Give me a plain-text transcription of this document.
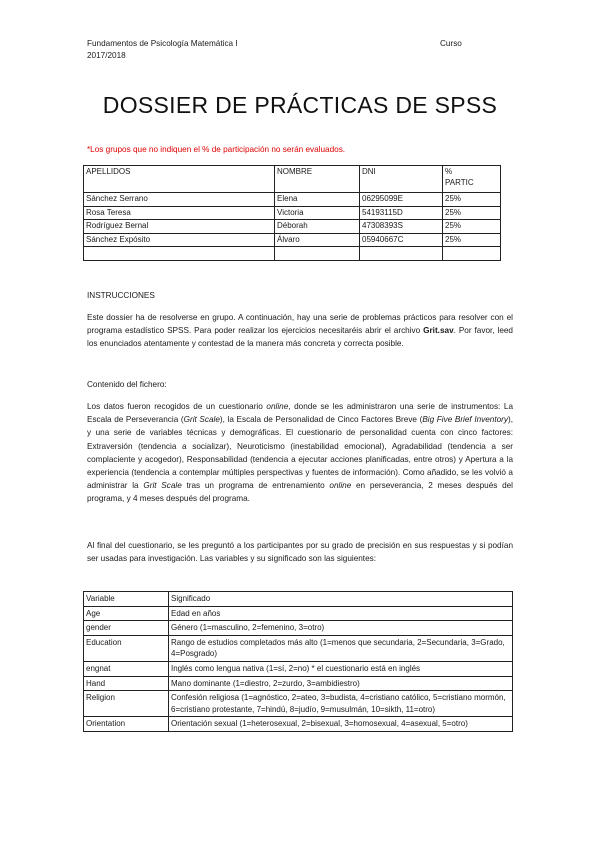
Fundamentos de Psicología Matemática I
2017/2018
Curso
DOSSIER DE PRÁCTICAS DE SPSS
*Los grupos que no indiquen el % de participación no serán evaluados.
APELLIDOS	NOMBRE	DNI	%
PARTIC

Sánchez Serrano	Elena	06295099E	25%
Rosa Teresa	Victoria	54193115D	25%
Rodríguez Bernal	Déborah	47308393S	25%
Sánchez Expósito	Álvaro	05940667C	25%

INSTRUCCIONES
Este dossier ha de resolverse en grupo. A continuación, hay una serie de problemas prácticos para resolver con el programa estadístico SPSS. Para poder realizar los ejercicios necesitaréis abrir el archivo Grit.sav. Por favor, leed los enunciados atentamente y contestad de la manera más concreta y correcta posible.
Contenido del fichero:
Los datos fueron recogidos de un cuestionario online, donde se les administraron una serie de instrumentos: La Escala de Perseverancia (Grit Scale), la Escala de Personalidad de Cinco Factores Breve (Big Five Brief Inventory), y una serie de variables técnicas y demográficas. El cuestionario de personalidad cuenta con cinco factores: Extraversión (tendencia a socializar), Neuroticismo (inestabilidad emocional), Agradabilidad (tendencia a ser complaciente y acogedor), Responsabilidad (tendencia a ejecutar acciones planificadas, entre otros) y Apertura a la experiencia (tendencia a contemplar múltiples perspectivas y fuentes de información). Como añadido, se les volvió a administrar la Grit Scale tras un programa de entrenamiento online en perseverancia, 2 meses después del programa, y 4 meses después del programa.
Al final del cuestionario, se les preguntó a los participantes por su grado de precisión en sus respuestas y si podían ser usadas para investigación. Las variables y su significado son las siguientes:
Variable	Significado
Age	Edad en años
gender	Género (1=masculino, 2=femenino, 3=otro)
Education	Rango de estudios completados más alto (1=menos que secundaria, 2=Secundaria, 3=Grado, 4=Posgrado)
engnat	Inglés como lengua nativa (1=sí, 2=no) * el cuestionario está en inglés
Hand	Mano dominante (1=diestro, 2=zurdo, 3=ambidiestro)
Religion	Confesión religiosa (1=agnóstico, 2=ateo, 3=budista, 4=cristiano católico, 5=cristiano mormón, 6=cristiano protestante, 7=hindú, 8=judío, 9=musulmán, 10=sikth, 11=otro)
Orientation	Orientación sexual (1=heterosexual, 2=bisexual, 3=homosexual, 4=asexual, 5=otro)
